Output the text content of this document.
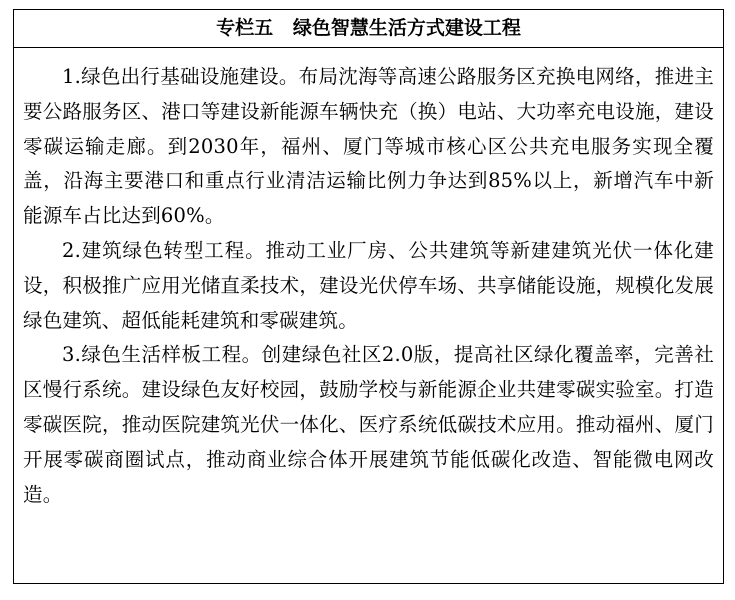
专栏五   绿色智慧生活方式建设工程

1.绿色出行基础设施建设。布局沈海等高速公路服务区充换电网络，推进主要公路服务区、港口等建设新能源车辆快充（换）电站、大功率充电设施，建设零碳运输走廊。到2030年，福州、厦门等城市核心区公共充电服务实现全覆盖，沿海主要港口和重点行业清洁运输比例力争达到85%以上，新增汽车中新能源车占比达到60%。

2.建筑绿色转型工程。推动工业厂房、公共建筑等新建建筑光伏一体化建设，积极推广应用光储直柔技术，建设光伏停车场、共享储能设施，规模化发展绿色建筑、超低能耗建筑和零碳建筑。

3.绿色生活样板工程。创建绿色社区2.0版，提高社区绿化覆盖率，完善社区慢行系统。建设绿色友好校园，鼓励学校与新能源企业共建零碳实验室。打造零碳医院，推动医院建筑光伏一体化、医疗系统低碳技术应用。推动福州、厦门开展零碳商圈试点，推动商业综合体开展建筑节能低碳化改造、智能微电网改造。
